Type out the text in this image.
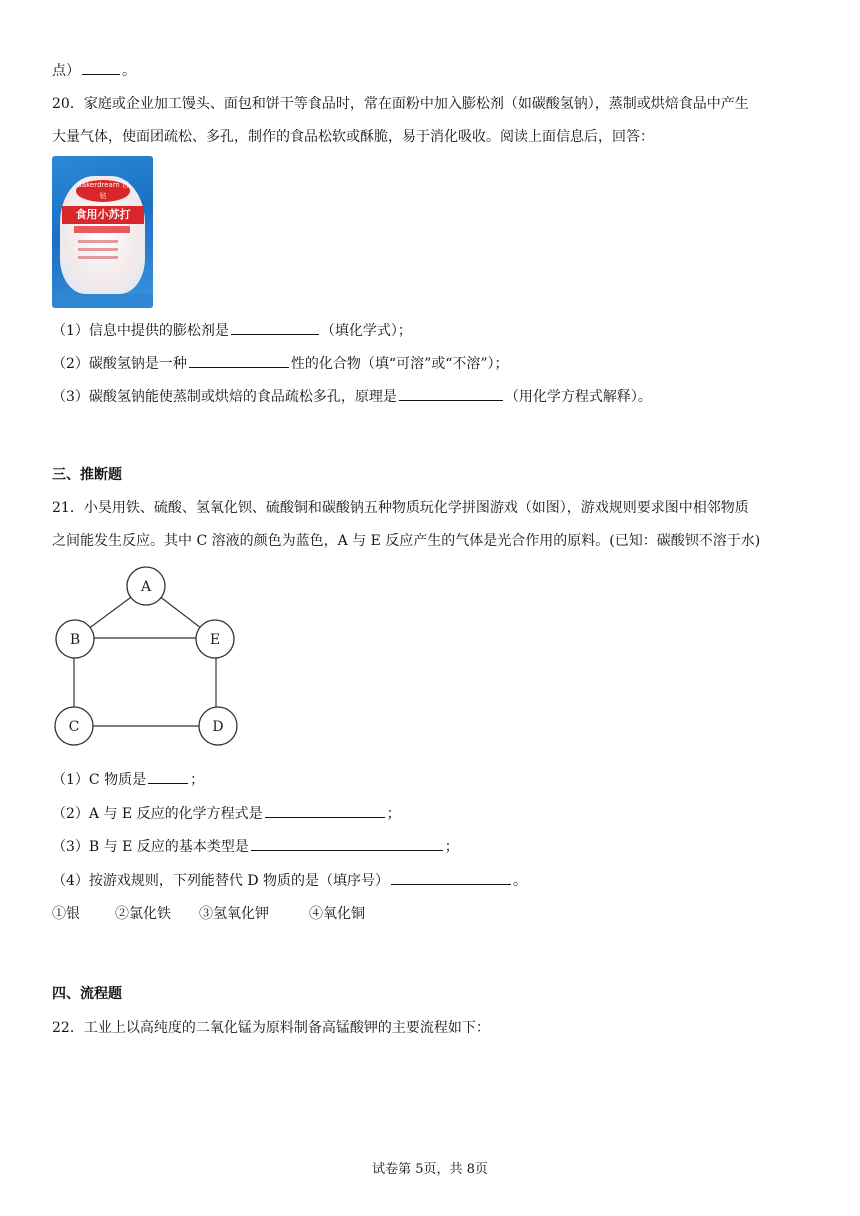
点）	。
20．家庭或企业加工馒头、面包和饼干等食品时，常在面粉中加入膨松剂（如碳酸氢钠），蒸制或烘焙食品中产生
大量气体，使面团疏松、多孔，制作的食品松软或酥脆，易于消化吸收。阅读上面信息后，回答：
Bakerdream 百钻
食用小苏打
（1）信息中提供的膨松剂是	（填化学式）；
（2）碳酸氢钠是一种	性的化合物（填“可溶”或“不溶”）；
（3）碳酸氢钠能使蒸制或烘焙的食品疏松多孔，原理是	（用化学方程式解释）。
三、推断题
21．小昊用铁、硫酸、氢氧化钡、硫酸铜和碳酸钠五种物质玩化学拼图游戏（如图），游戏规则要求图中相邻物质
之间能发生反应。其中 C 溶液的颜色为蓝色，A 与 E 反应产生的气体是光合作用的原料。(已知：碳酸钡不溶于水)
A
B	E
C	D
（1）C 物质是	；
（2）A 与 E 反应的化学方程式是	；
（3）B 与 E 反应的基本类型是	；
（4）按游戏规则，下列能替代 D 物质的是（填序号）	。
①银	②氯化铁 ③氢氧化钾	④氧化铜
四、流程题
22．工业上以高纯度的二氧化锰为原料制备高锰酸钾的主要流程如下：
试卷第 5页，共 8页
